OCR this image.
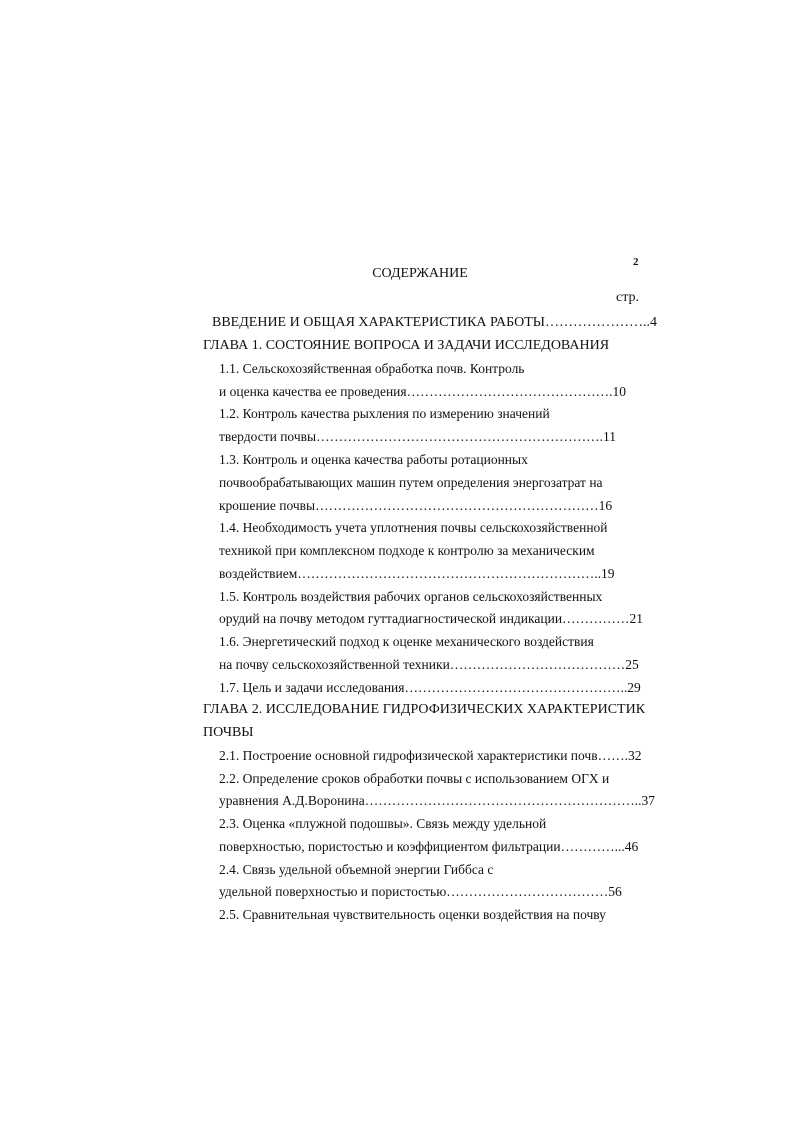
2
СОДЕРЖАНИЕ
стр.
ВВЕДЕНИЕ И ОБЩАЯ ХАРАКТЕРИСТИКА РАБОТЫ…………………..4
ГЛАВА 1. СОСТОЯНИЕ ВОПРОСА И ЗАДАЧИ ИССЛЕДОВАНИЯ
1.1. Сельскохозяйственная обработка почв. Контроль
и оценка качества ее проведения……………………………………….10
1.2. Контроль качества рыхления по измерению значений
твердости почвы……………………………………………………….11
1.3. Контроль и оценка качества работы ротационных
почвообрабатывающих машин путем определения энергозатрат на
крошение почвы………………………………………………………16
1.4. Необходимость учета уплотнения почвы сельскохозяйственной
техникой при комплексном подходе к контролю за механическим
воздействием…………………………………………………………..19
1.5. Контроль воздействия рабочих органов сельскохозяйственных
орудий на почву методом гуттадиагностической индикации……………21
1.6. Энергетический подход к оценке механического воздействия
на почву сельскохозяйственной техники…………………………………25
1.7. Цель и задачи исследования…………………………………………..29
ГЛАВА 2. ИССЛЕДОВАНИЕ ГИДРОФИЗИЧЕСКИХ ХАРАКТЕРИСТИК
ПОЧВЫ
2.1. Построение основной гидрофизической характеристики почв…….32
2.2. Определение сроков обработки почвы с использованием ОГХ и
уравнения А.Д.Воронина……………………………………………………..37
2.3. Оценка «плужной подошвы». Связь между удельной
поверхностью, пористостью и коэффициентом фильтрации…………...46
2.4. Связь удельной объемной энергии Гиббса с
удельной поверхностью и пористостью………………………………56
2.5. Сравнительная чувствительность оценки воздействия на почву
